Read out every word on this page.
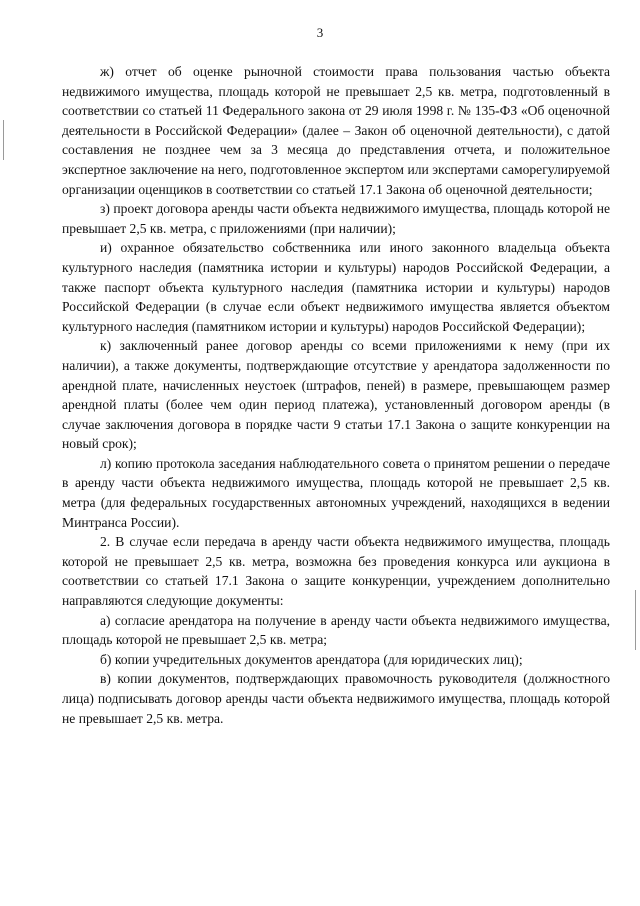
3

ж) отчет об оценке рыночной стоимости права пользования частью объекта недвижимого имущества, площадь которой не превышает 2,5 кв. метра, подготовленный в соответствии со статьей 11 Федерального закона от 29 июля 1998 г. № 135-ФЗ «Об оценочной деятельности в Российской Федерации» (далее – Закон об оценочной деятельности), с датой составления не позднее чем за 3 месяца до представления отчета, и положительное экспертное заключение на него, подготовленное экспертом или экспертами саморегулируемой организации оценщиков в соответствии со статьей 17.1 Закона об оценочной деятельности;

з) проект договора аренды части объекта недвижимого имущества, площадь которой не превышает 2,5 кв. метра, с приложениями (при наличии);

и) охранное обязательство собственника или иного законного владельца объекта культурного наследия (памятника истории и культуры) народов Российской Федерации, а также паспорт объекта культурного наследия (памятника истории и культуры) народов Российской Федерации (в случае если объект недвижимого имущества является объектом культурного наследия (памятником истории и культуры) народов Российской Федерации);

к) заключенный ранее договор аренды со всеми приложениями к нему (при их наличии), а также документы, подтверждающие отсутствие у арендатора задолженности по арендной плате, начисленных неустоек (штрафов, пеней) в размере, превышающем размер арендной платы (более чем один период платежа), установленный договором аренды (в случае заключения договора в порядке части 9 статьи 17.1 Закона о защите конкуренции на новый срок);

л) копию протокола заседания наблюдательного совета о принятом решении о передаче в аренду части объекта недвижимого имущества, площадь которой не превышает 2,5 кв. метра (для федеральных государственных автономных учреждений, находящихся в ведении Минтранса России).

2. В случае если передача в аренду части объекта недвижимого имущества, площадь которой не превышает 2,5 кв. метра, возможна без проведения конкурса или аукциона в соответствии со статьей 17.1 Закона о защите конкуренции, учреждением дополнительно направляются следующие документы:

а) согласие арендатора на получение в аренду части объекта недвижимого имущества, площадь которой не превышает 2,5 кв. метра;

б) копии учредительных документов арендатора (для юридических лиц);

в) копии документов, подтверждающих правомочность руководителя (должностного лица) подписывать договор аренды части объекта недвижимого имущества, площадь которой не превышает 2,5 кв. метра.
